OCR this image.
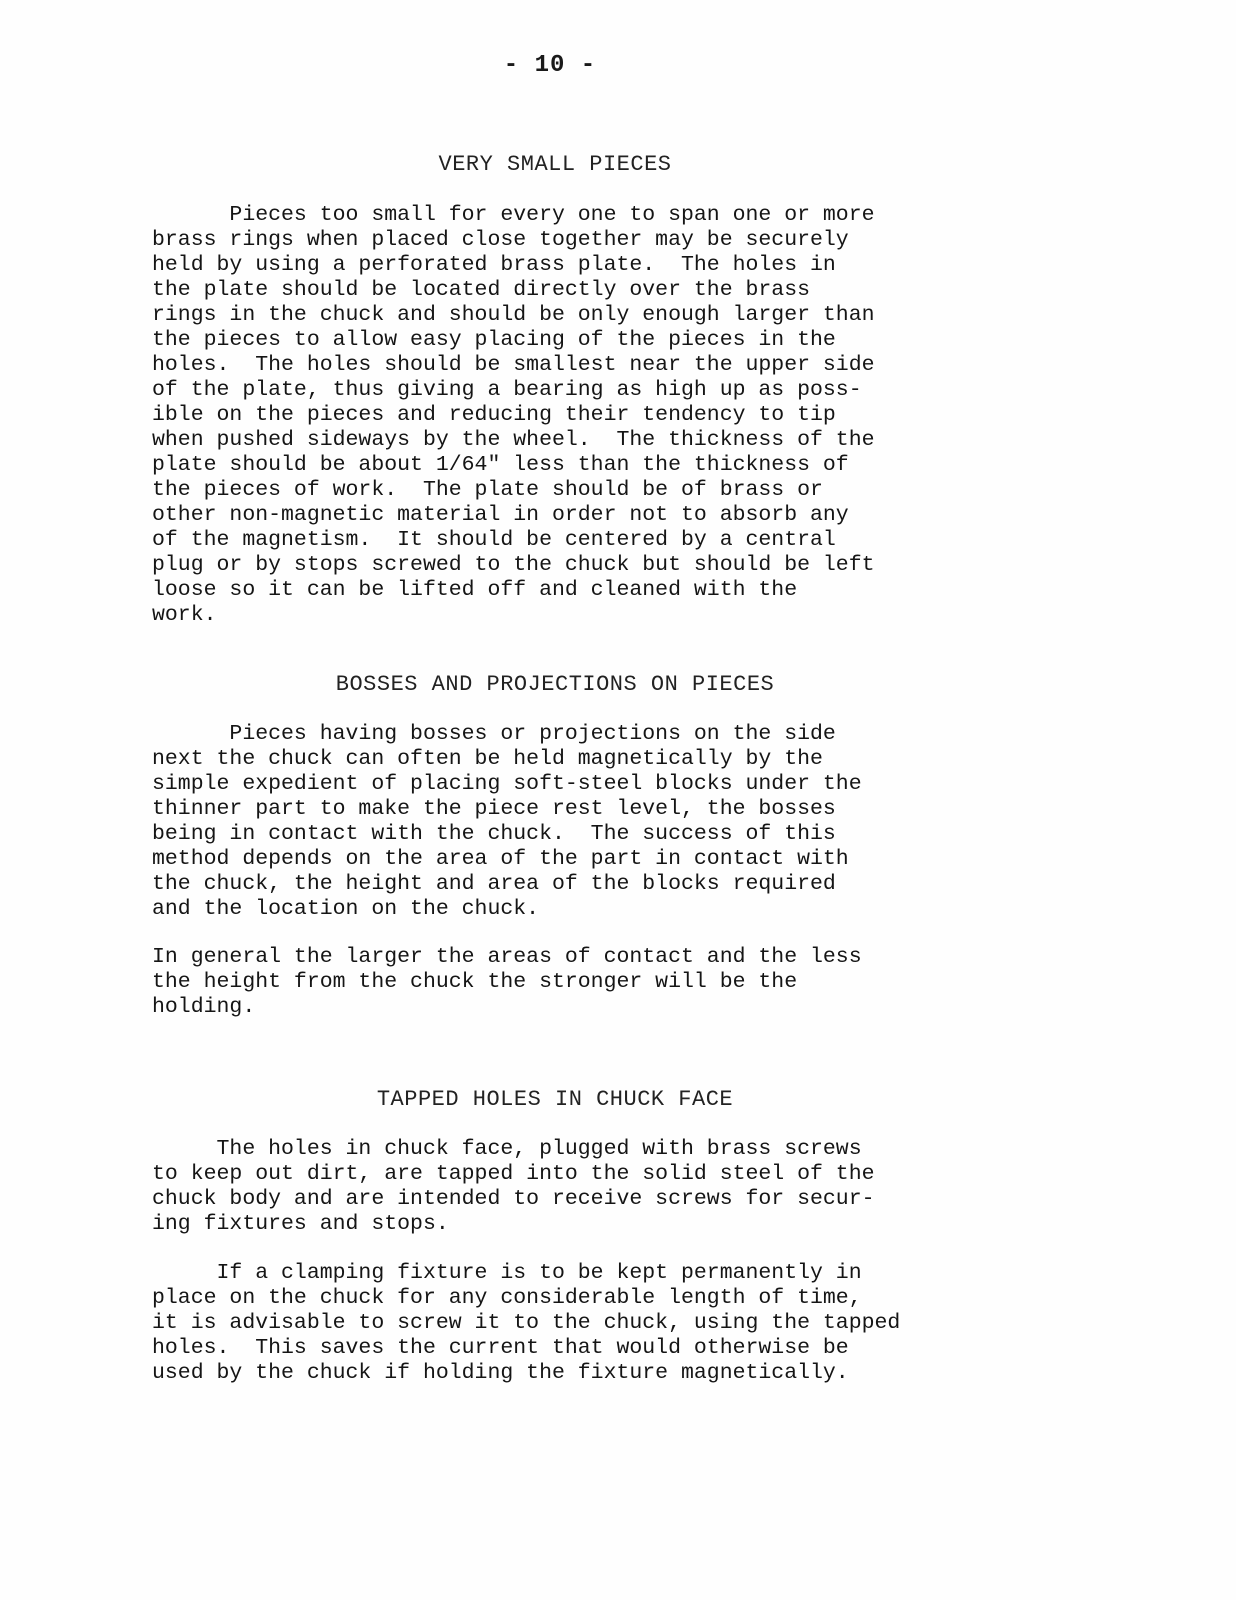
- 10 -
VERY SMALL PIECES
Pieces too small for every one to span one or more
brass rings when placed close together may be securely
held by using a perforated brass plate.  The holes in
the plate should be located directly over the brass
rings in the chuck and should be only enough larger than
the pieces to allow easy placing of the pieces in the
holes.  The holes should be smallest near the upper side
of the plate, thus giving a bearing as high up as poss-
ible on the pieces and reducing their tendency to tip
when pushed sideways by the wheel.  The thickness of the
plate should be about 1/64" less than the thickness of
the pieces of work.  The plate should be of brass or
other non-magnetic material in order not to absorb any
of the magnetism.  It should be centered by a central
plug or by stops screwed to the chuck but should be left
loose so it can be lifted off and cleaned with the
work.
BOSSES AND PROJECTIONS ON PIECES
Pieces having bosses or projections on the side
next the chuck can often be held magnetically by the
simple expedient of placing soft-steel blocks under the
thinner part to make the piece rest level, the bosses
being in contact with the chuck.  The success of this
method depends on the area of the part in contact with
the chuck, the height and area of the blocks required
and the location on the chuck.
In general the larger the areas of contact and the less
the height from the chuck the stronger will be the
holding.
TAPPED HOLES IN CHUCK FACE
The holes in chuck face, plugged with brass screws
to keep out dirt, are tapped into the solid steel of the
chuck body and are intended to receive screws for secur-
ing fixtures and stops.
If a clamping fixture is to be kept permanently in
place on the chuck for any considerable length of time,
it is advisable to screw it to the chuck, using the tapped
holes.  This saves the current that would otherwise be
used by the chuck if holding the fixture magnetically.
